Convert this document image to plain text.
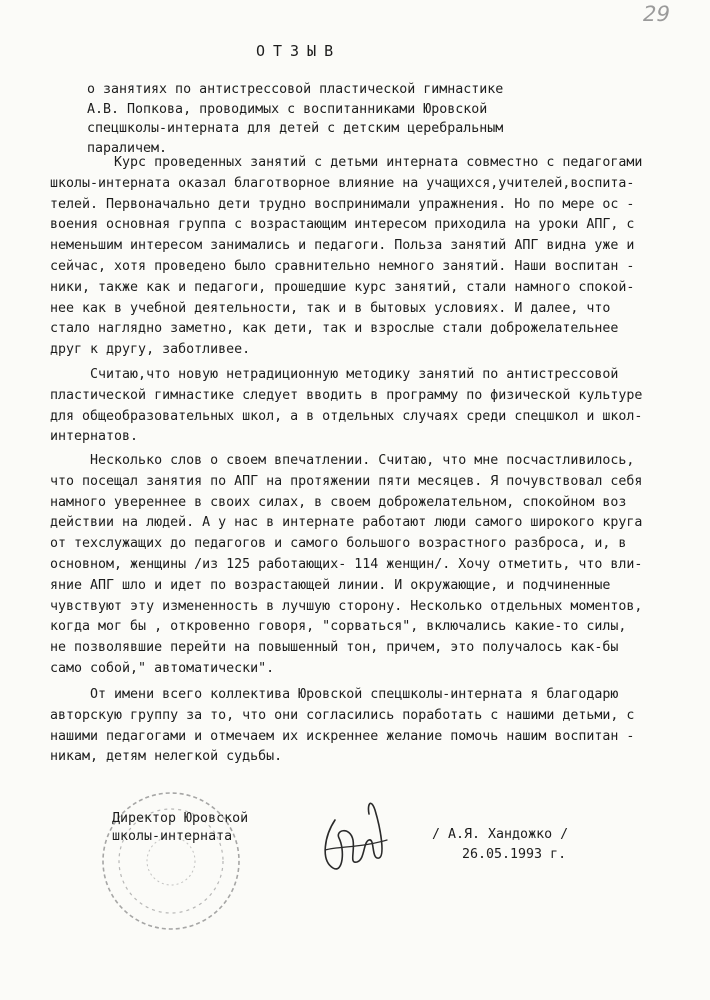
29
ОТЗЫВ
о занятиях по антистрессовой пластической гимнастике
А.В. Попкова, проводимых с воспитанниками Юровской
спецшколы-интерната для детей с детским церебральным
параличем.
Курс проведенных занятий с детьми интерната совместно с педагогами
школы-интерната оказал благотворное влияние на учащихся,учителей,воспита-
телей. Первоначально дети трудно воспринимали упражнения. Но по мере ос -
воения основная группа с возрастающим интересом приходила на уроки АПГ, с
неменьшим интересом занимались и педагоги. Польза занятий АПГ видна уже и
сейчас, хотя проведено было сравнительно немного занятий. Наши воспитан -
ники, также как и педагоги, прошедшие курс занятий, стали намного спокой-
нее как в учебной деятельности, так и в бытовых условиях. И далее, что
стало наглядно заметно, как дети, так и взрослые стали доброжелательнее
друг к другу, заботливее.
Считаю,что новую нетрадиционную методику занятий по антистрессовой
пластической гимнастике следует вводить в программу по физической культуре
для общеобразовательных школ, а в отдельных случаях среди спецшкол и школ-
интернатов.
Несколько слов о своем впечатлении. Считаю, что мне посчастливилось,
что посещал занятия по АПГ на протяжении пяти месяцев. Я почувствовал себя
намного увереннее в своих силах, в своем доброжелательном, спокойном воз
действии на людей. А у нас в интернате работают люди самого широкого круга
от техслужащих до педагогов и самого большого возрастного разброса, и, в
основном, женщины /из 125 работающих- 114 женщин/. Хочу отметить, что вли-
яние АПГ шло и идет по возрастающей линии. И окружающие, и подчиненные
чувствуют эту измененность в лучшую сторону. Несколько отдельных моментов,
когда мог бы , откровенно говоря, "сорваться", включались какие-то силы,
не позволявшие перейти на повышенный тон, причем, это получалось как-бы
само собой," автоматически".
От имени всего коллектива Юровской спецшколы-интерната я благодарю
авторскую группу за то, что они согласились поработать с нашими детьми, с
нашими педагогами и отмечаем их искреннее желание помочь нашим воспитан -
никам, детям нелегкой судьбы.
Директор Юровской
школы-интерната	/ А.Я. Хандожко /
26.05.1993 г.
